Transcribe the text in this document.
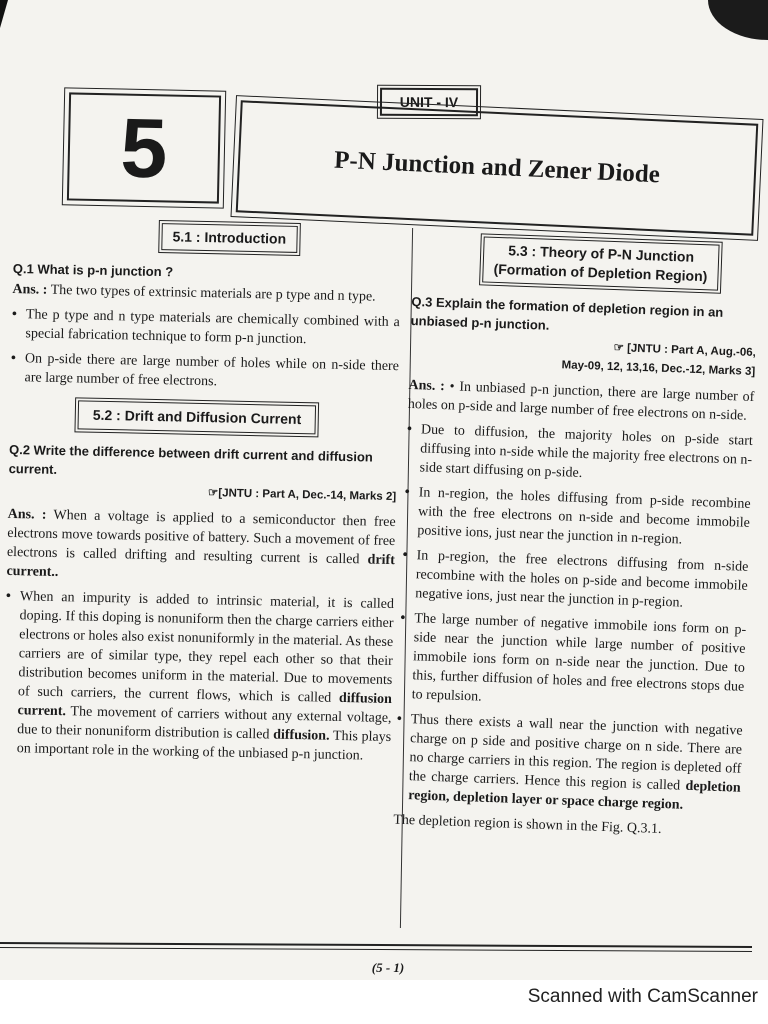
UNIT - IV
5	P-N Junction and Zener Diode
5.1 : Introduction
Q.1 What is p-n junction ?

Ans. : The two types of extrinsic materials are p type and n type.

• The p type and n type materials are chemically combined with a special fabrication technique to form p-n junction.
• On p-side there are large number of holes while on n-side there are large number of free electrons.
5.2 : Drift and Diffusion Current
Q.2 Write the difference between drift current and diffusion current.
☞[JNTU : Part A, Dec.-14, Marks 2]

Ans. : When a voltage is applied to a semiconductor then free electrons move towards positive of battery. Such a movement of free electrons is called drifting and resulting current is called drift current..

• When an impurity is added to intrinsic material, it is called doping. If this doping is nonuniform then the charge carriers either electrons or holes also exist nonuniformly in the material. As these carriers are of similar type, they repel each other so that their distribution becomes uniform in the material. Due to movements of such carriers, the current flows, which is called diffusion current. The movement of carriers without any external voltage, due to their nonuniform distribution is called diffusion. This plays on important role in the working of the unbiased p-n junction.
5.3 : Theory of P-N Junction
(Formation of Depletion Region)
Q.3 Explain the formation of depletion region in an unbiased p-n junction.
☞ [JNTU : Part A, Aug.-06,
May-09, 12, 13,16, Dec.-12, Marks 3]

Ans. : • In unbiased p-n junction, there are large number of holes on p-side and large number of free electrons on n-side.

• Due to diffusion, the majority holes on p-side start diffusing into n-side while the majority free electrons on n-side start diffusing on p-side.
• In n-region, the holes diffusing from p-side recombine with the free electrons on n-side and become immobile positive ions, just near the junction in n-region.
• In p-region, the free electrons diffusing from n-side recombine with the holes on p-side and become immobile negative ions, just near the junction in p-region.
• The large number of negative immobile ions form on p-side near the junction while large number of positive immobile ions form on n-side near the junction. Due to this, further diffusion of holes and free electrons stops due to repulsion.
• Thus there exists a wall near the junction with negative charge on p side and positive charge on n side. There are no charge carriers in this region. The region is depleted off the charge carriers. Hence this region is called depletion region, depletion layer or space charge region.

The depletion region is shown in the Fig. Q.3.1.

(5 - 1)
Scanned with CamScanner
